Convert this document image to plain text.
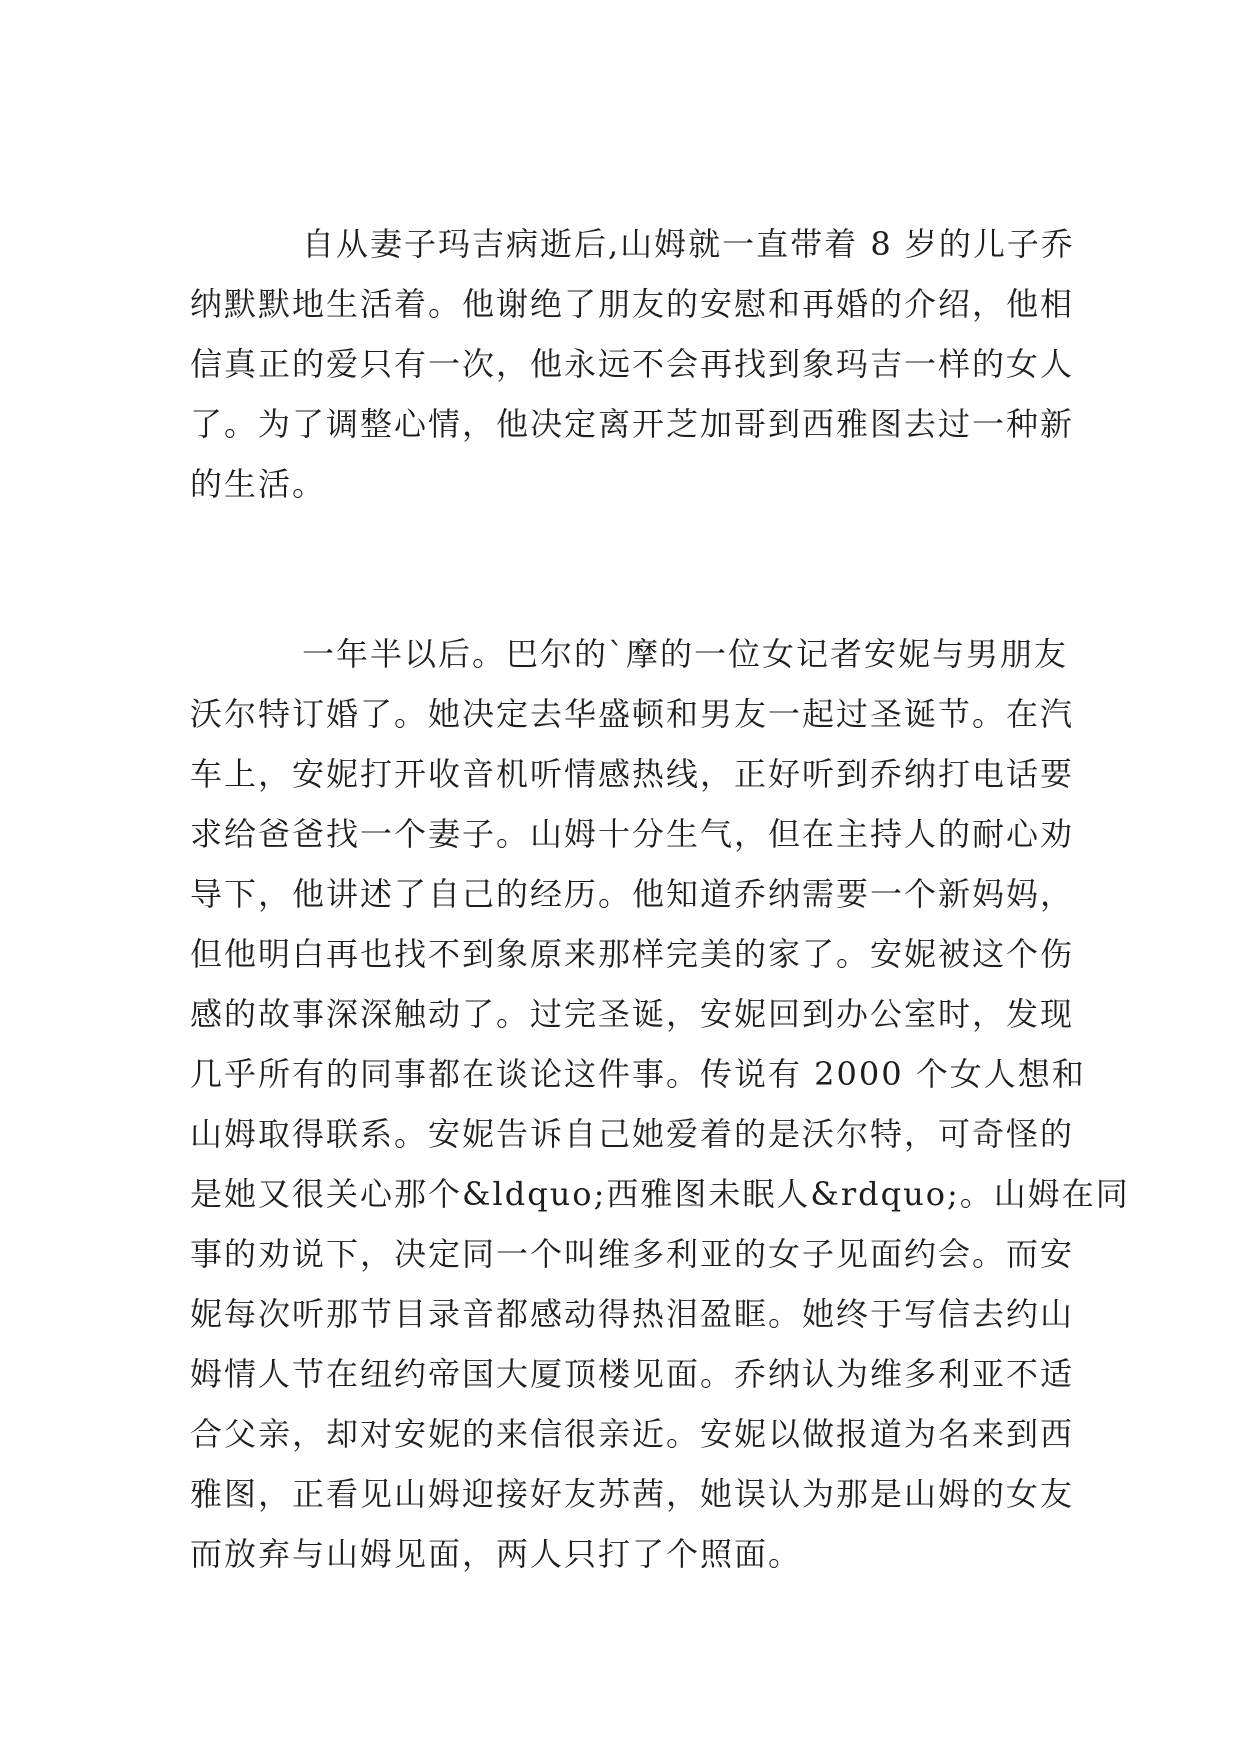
自从妻子玛吉病逝后,山姆就一直带着 8 岁的儿子乔
纳默默地生活着。他谢绝了朋友的安慰和再婚的介绍，他相
信真正的爱只有一次，他永远不会再找到象玛吉一样的女人
了。为了调整心情，他决定离开芝加哥到西雅图去过一种新
的生活。
一年半以后。巴尔的`摩的一位女记者安妮与男朋友
沃尔特订婚了。她决定去华盛顿和男友一起过圣诞节。在汽
车上，安妮打开收音机听情感热线，正好听到乔纳打电话要
求给爸爸找一个妻子。山姆十分生气，但在主持人的耐心劝
导下，他讲述了自己的经历。他知道乔纳需要一个新妈妈，
但他明白再也找不到象原来那样完美的家了。安妮被这个伤
感的故事深深触动了。过完圣诞，安妮回到办公室时，发现
几乎所有的同事都在谈论这件事。传说有 2000 个女人想和
山姆取得联系。安妮告诉自己她爱着的是沃尔特，可奇怪的
是她又很关心那个&ldquo;西雅图未眠人&rdquo;。山姆在同
事的劝说下，决定同一个叫维多利亚的女子见面约会。而安
妮每次听那节目录音都感动得热泪盈眶。她终于写信去约山
姆情人节在纽约帝国大厦顶楼见面。乔纳认为维多利亚不适
合父亲，却对安妮的来信很亲近。安妮以做报道为名来到西
雅图，正看见山姆迎接好友苏茜，她误认为那是山姆的女友
而放弃与山姆见面，两人只打了个照面。
